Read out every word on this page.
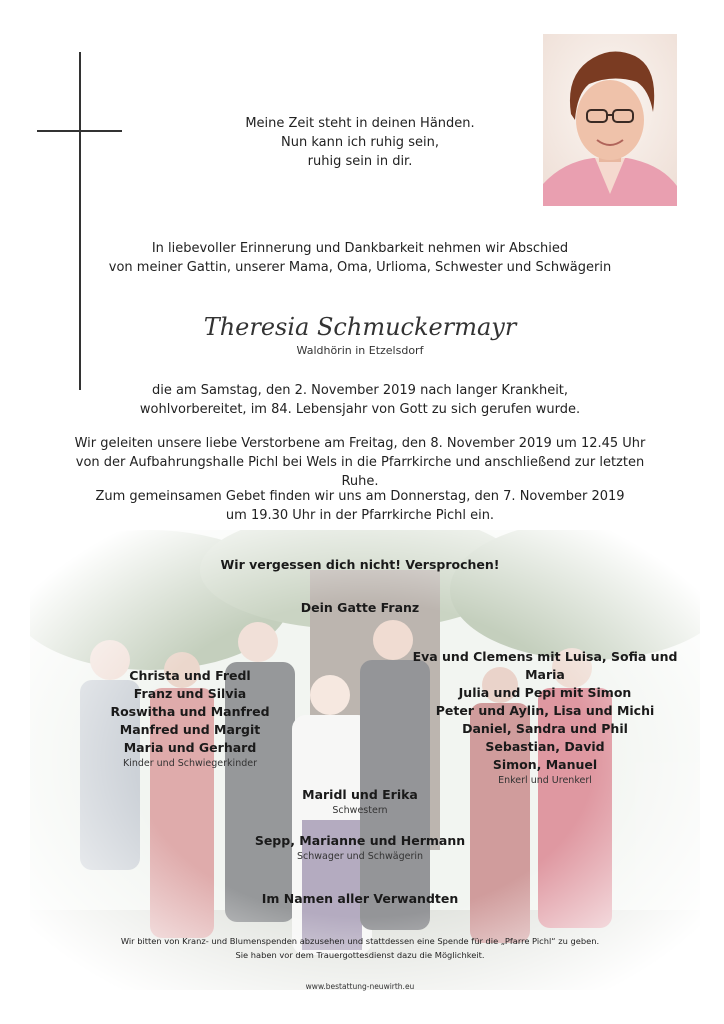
Meine Zeit steht in deinen Händen.
Nun kann ich ruhig sein,
ruhig sein in dir.
In liebevoller Erinnerung und Dankbarkeit nehmen wir Abschied
von meiner Gattin, unserer Mama, Oma, Urlioma, Schwester und Schwägerin
Theresia Schmuckermayr
Waldhörin in Etzelsdorf
die am Samstag, den 2. November 2019 nach langer Krankheit,
wohlvorbereitet, im 84. Lebensjahr von Gott zu sich gerufen wurde.
Wir geleiten unsere liebe Verstorbene am Freitag, den 8. November 2019 um 12.45 Uhr
von der Aufbahrungshalle Pichl bei Wels in die Pfarrkirche und anschließend zur letzten Ruhe.
Zum gemeinsamen Gebet finden wir uns am Donnerstag, den 7. November 2019
um 19.30 Uhr in der Pfarrkirche Pichl ein.
Wir vergessen dich nicht! Versprochen!
Dein Gatte Franz
Christa und Fredl
Franz und Silvia
Roswitha und Manfred
Manfred und Margit
Maria und Gerhard
Kinder und Schwiegerkinder
Eva und Clemens mit Luisa, Sofia und Maria
Julia und Pepi mit Simon
Peter und Aylin, Lisa und Michi
Daniel, Sandra und Phil
Sebastian, David
Simon, Manuel
Enkerl und Urenkerl
Maridl und Erika
Schwestern
Sepp, Marianne und Hermann
Schwager und Schwägerin
Im Namen aller Verwandten
Wir bitten von Kranz- und Blumenspenden abzusehen und stattdessen eine Spende für die „Pfarre Pichl“ zu geben.
Sie haben vor dem Trauergottesdienst dazu die Möglichkeit.
www.bestattung-neuwirth.eu
